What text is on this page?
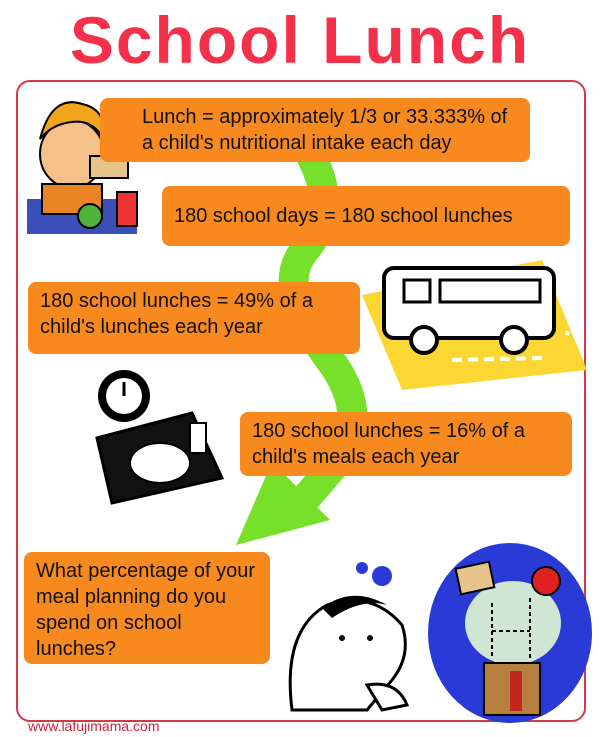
School Lunch
Lunch = approximately 1/3 or 33.333% of a child's nutritional intake each day
180 school days = 180 school lunches
180 school lunches = 49% of a child's lunches each year
180 school lunches = 16% of a child's meals each year
What percentage of your meal planning do you spend on school lunches?
www.lafujimama.com
